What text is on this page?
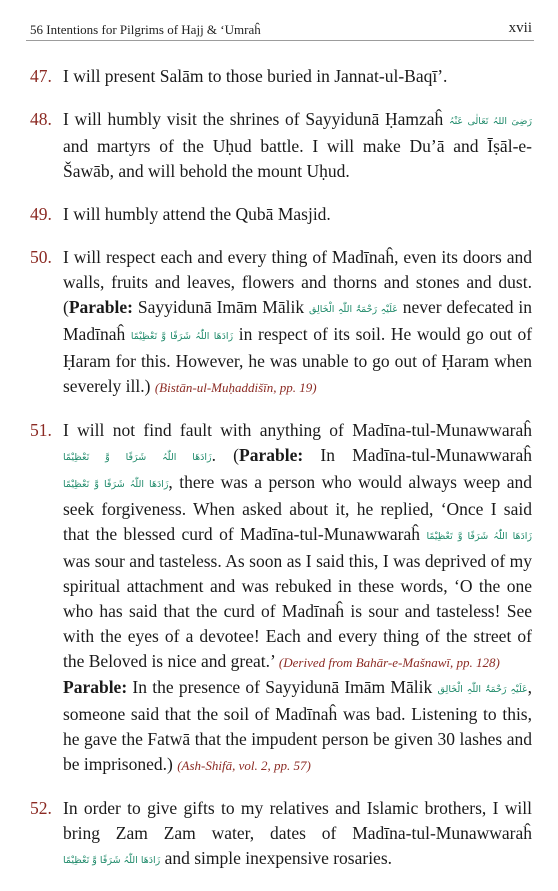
56 Intentions for Pilgrims of Hajj & ‘Umraĥ	xvii
47. I will present Salām to those buried in Jannat-ul-Baqī’.

48. I will humbly visit the shrines of Sayyidunā Ḥamzaĥ رَضِیَ اللہُ تَعَالٰی عَنْہُ and martyrs of the Uḥud battle. I will make Du’ā and Īṣāl-e-Šawāb, and will behold the mount Uḥud.

49. I will humbly attend the Qubā Masjid.

50. I will respect each and every thing of Madīnaĥ, even its doors and walls, fruits and leaves, flowers and thorns and stones and dust. (Parable: Sayyidunā Imām Mālik عَلَیْہِ رَحْمَۃُ اللّٰہِ الْخَالِق never defecated in Madīnaĥ زَادَھَا اللّٰہُ شَرَفًا وَّ تَعْظِیْمًا in respect of its soil. He would go out of Ḥaram for this. However, he was unable to go out of Ḥaram when severely ill.) (Bistān-ul-Muḥaddišīn, pp. 19)

51. I will not find fault with anything of Madīna-tul-Munawwaraĥ زَادَھَا اللّٰہُ شَرَفًا وَّ تَعْظِیْمًا. (Parable: In Madīna-tul-Munawwaraĥ زَادَھَا اللّٰہُ شَرَفًا وَّ تَعْظِیْمًا, there was a person who would always weep and seek forgiveness. When asked about it, he replied, ‘Once I said that the blessed curd of Madīna-tul-Munawwaraĥ زَادَھَا اللّٰہُ شَرَفًا وَّ تَعْظِیْمًا was sour and tasteless. As soon as I said this, I was deprived of my spiritual attachment and was rebuked in these words, ‘O the one who has said that the curd of Madīnaĥ is sour and tasteless! See with the eyes of a devotee! Each and every thing of the street of the Beloved is nice and great.’ (Derived from Bahār-e-Mašnawī, pp. 128)

Parable: In the presence of Sayyidunā Imām Mālik عَلَیْہِ رَحْمَۃُ اللّٰہِ الْخَالِق, someone said that the soil of Madīnaĥ was bad. Listening to this, he gave the Fatwā that the impudent person be given 30 lashes and be imprisoned.) (Ash-Shifā, vol. 2, pp. 57)

52. In order to give gifts to my relatives and Islamic brothers, I will bring Zam Zam water, dates of Madīna-tul-Munawwaraĥ زَادَھَا اللّٰہُ شَرَفًا وَّ تَعْظِیْمًا and simple inexpensive rosaries.
